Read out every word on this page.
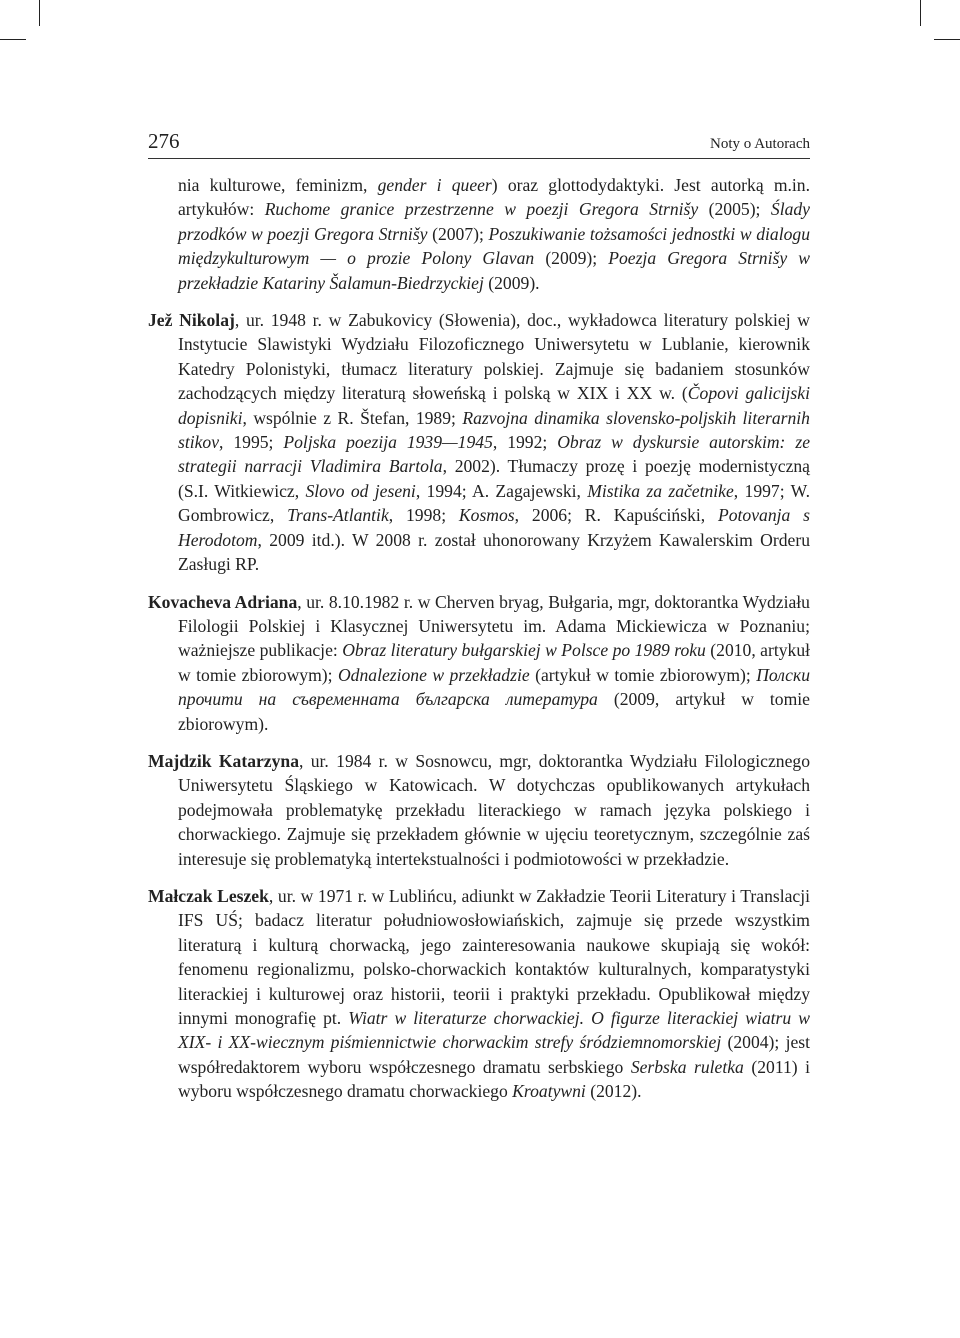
276	Noty o Autorach

nia kulturowe, feminizm, gender i queer) oraz glottodydaktyki. Jest autorką m.in. artykułów: Ruchome granice przestrzenne w poezji Gregora Strnišy (2005); Ślady przodków w poezji Gregora Strnišy (2007); Poszukiwanie tożsamości jednostki w dialogu międzykulturowym — o prozie Polony Glavan (2009); Poezja Gregora Strnišy w przekładzie Katariny Šalamun-Biedrzyckiej (2009).

Jež Nikolaj, ur. 1948 r. w Zabukovicy (Słowenia), doc., wykładowca literatury polskiej w Instytucie Slawistyki Wydziału Filozoficznego Uniwersytetu w Lublanie, kierownik Katedry Polonistyki, tłumacz literatury polskiej. Zajmuje się badaniem stosunków zachodzących między literaturą słoweńską i polską w XIX i XX w. (Čopovi galicijski dopisniki, wspólnie z R. Štefan, 1989; Razvojna dinamika slovensko-poljskih literarnih stikov, 1995; Poljska poezija 1939—1945, 1992; Obraz w dyskursie autorskim: ze strategii narracji Vladimira Bartola, 2002). Tłumaczy prozę i poezję modernistyczną (S.I. Witkiewicz, Slovo od jeseni, 1994; A. Zagajewski, Mistika za začetnike, 1997; W. Gombrowicz, Trans-Atlantik, 1998; Kosmos, 2006; R. Kapuściński, Potovanja s Herodotom, 2009 itd.). W 2008 r. został uhonorowany Krzyżem Kawalerskim Orderu Zasługi RP.

Kovacheva Adriana, ur. 8.10.1982 r. w Cherven bryag, Bułgaria, mgr, doktorantka Wydziału Filologii Polskiej i Klasycznej Uniwersytetu im. Adama Mickiewicza w Poznaniu; ważniejsze publikacje: Obraz literatury bułgarskiej w Polsce po 1989 roku (2010, artykuł w tomie zbiorowym); Odnalezione w przekładzie (artykuł w tomie zbiorowym); Полски прочити на съвременната българска литература (2009, artykuł w tomie zbiorowym).

Majdzik Katarzyna, ur. 1984 r. w Sosnowcu, mgr, doktorantka Wydziału Filologicznego Uniwersytetu Śląskiego w Katowicach. W dotychczas opublikowanych artykułach podejmowała problematykę przekładu literackiego w ramach języka polskiego i chorwackiego. Zajmuje się przekładem głównie w ujęciu teoretycznym, szczególnie zaś interesuje się problematyką intertekstualności i podmiotowości w przekładzie.

Małczak Leszek, ur. w 1971 r. w Lublińcu, adiunkt w Zakładzie Teorii Literatury i Translacji IFS UŚ; badacz literatur południowosłowiańskich, zajmuje się przede wszystkim literaturą i kulturą chorwacką, jego zainteresowania naukowe skupiają się wokół: fenomenu regionalizmu, polsko-chorwackich kontaktów kulturalnych, komparatystyki literackiej i kulturowej oraz historii, teorii i praktyki przekładu. Opublikował między innymi monografię pt. Wiatr w literaturze chorwackiej. O figurze literackiej wiatru w XIX- i XX-wiecznym piśmiennictwie chorwackim strefy śródziemnomorskiej (2004); jest współredaktorem wyboru współczesnego dramatu serbskiego Serbska ruletka (2011) i wyboru współczesnego dramatu chorwackiego Kroatywni (2012).
